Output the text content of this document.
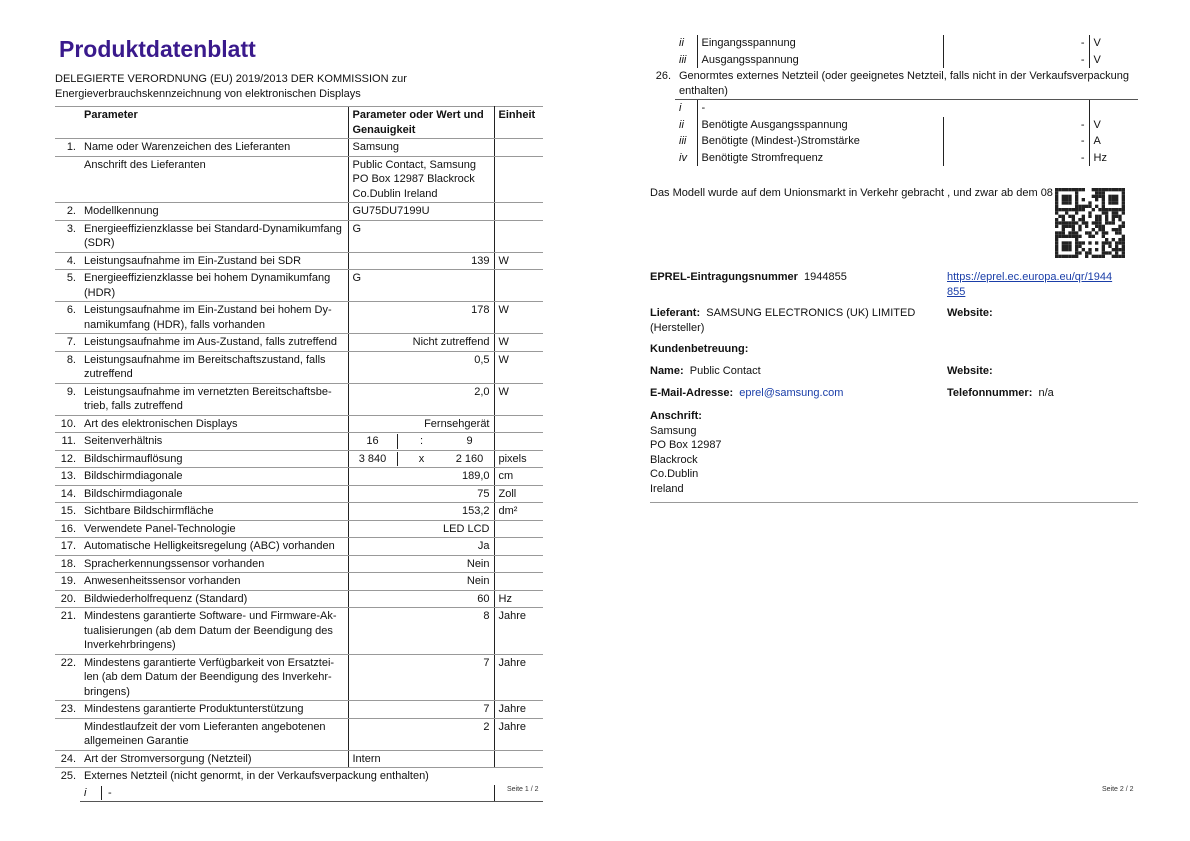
Produktdatenblatt
DELEGIERTE VERORDNUNG (EU) 2019/2013 DER KOMMISSION zur
Energieverbrauchskennzeichnung von elektronischen Displays
	Parameter	Parameter oder Wert und Genauigkeit	Einheit
1.	Name oder Warenzeichen des Lieferanten	Samsung	
	Anschrift des Lieferanten	Public Contact, Samsung PO Box 12987 Blackrock Co.Dublin Ireland	
2.	Modellkennung	GU75DU7199U	
3.	Energieeffizienzklasse bei Standard-Dynamikumfang (SDR)	G	
4.	Leistungsaufnahme im Ein-Zustand bei SDR	139	W
5.	Energieeffizienzklasse bei hohem Dynamikumfang (HDR)	G	
6.	Leistungsaufnahme im Ein-Zustand bei hohem Dy-namikumfang (HDR), falls vorhanden	178	W
7.	Leistungsaufnahme im Aus-Zustand, falls zutreffend	Nicht zutreffend	W
8.	Leistungsaufnahme im Bereitschaftszustand, falls zutreffend	0,5	W
9.	Leistungsaufnahme im vernetzten Bereitschaftsbe-trieb, falls zutreffend	2,0	W
10.	Art des elektronischen Displays	Fernsehgerät	
11.	Seitenverhältnis	16 : 9	

12.	Bildschirmauflösung	3 840 x 2 160	pixels
13.	Bildschirmdiagonale	189,0	cm
14.	Bildschirmdiagonale	75	Zoll
15.	Sichtbare Bildschirmfläche	153,2	dm²
16.	Verwendete Panel-Technologie	LED LCD	
17.	Automatische Helligkeitsregelung (ABC) vorhanden	Ja	
18.	Spracherkennungssensor vorhanden	Nein	
19.	Anwesenheitssensor vorhanden	Nein	
20.	Bildwiederholfrequenz (Standard)	60	Hz
21.	Mindestens garantierte Software- und Firmware-Ak-tualisierungen (ab dem Datum der Beendigung des Inverkehrbringens)	8	Jahre
22.	Mindestens garantierte Verfügbarkeit von Ersatztei-len (ab dem Datum der Beendigung des Inverkehr-bringens)	7	Jahre
23.	Mindestens garantierte Produktunterstützung	7	Jahre
	Mindestlaufzeit der vom Lieferanten angebotenen allgemeinen Garantie	2	Jahre
24.	Art der Stromversorgung (Netzteil)	Intern	
25.	Externes Netzteil (nicht genormt, in der Verkaufsverpackung enthalten)		

	i -		
		Seite 1 / 2
	ii	Eingangsspannung	-	V
	iii	Ausgangsspannung	-	V
26.	Genormtes externes Netzteil (oder geeignetes Netzteil, falls nicht in der Verkaufsverpackung enthalten)			
	i	-		
	ii	Benötigte Ausgangsspannung	-	V
	iii	Benötigte (Mindest-)Stromstärke	-	A
	iv	Benötigte Stromfrequenz	-	Hz
Seite 2 / 2
Das Modell wurde auf dem Unionsmarkt in Verkehr gebracht , und zwar ab dem 08
EPREL-Eintragungsnummer 1944855	https://eprel.ec.europa.eu/qr/1944855
Lieferant: SAMSUNG ELECTRONICS (UK) LIMITED (Hersteller)
Website:
Kundenbetreuung:
Name: Public Contact	Website:
E-Mail-Adresse: eprel@samsung.com	Telefonnummer: n/a
Anschrift:
Samsung
PO Box 12987
Blackrock
Co.Dublin
Ireland
